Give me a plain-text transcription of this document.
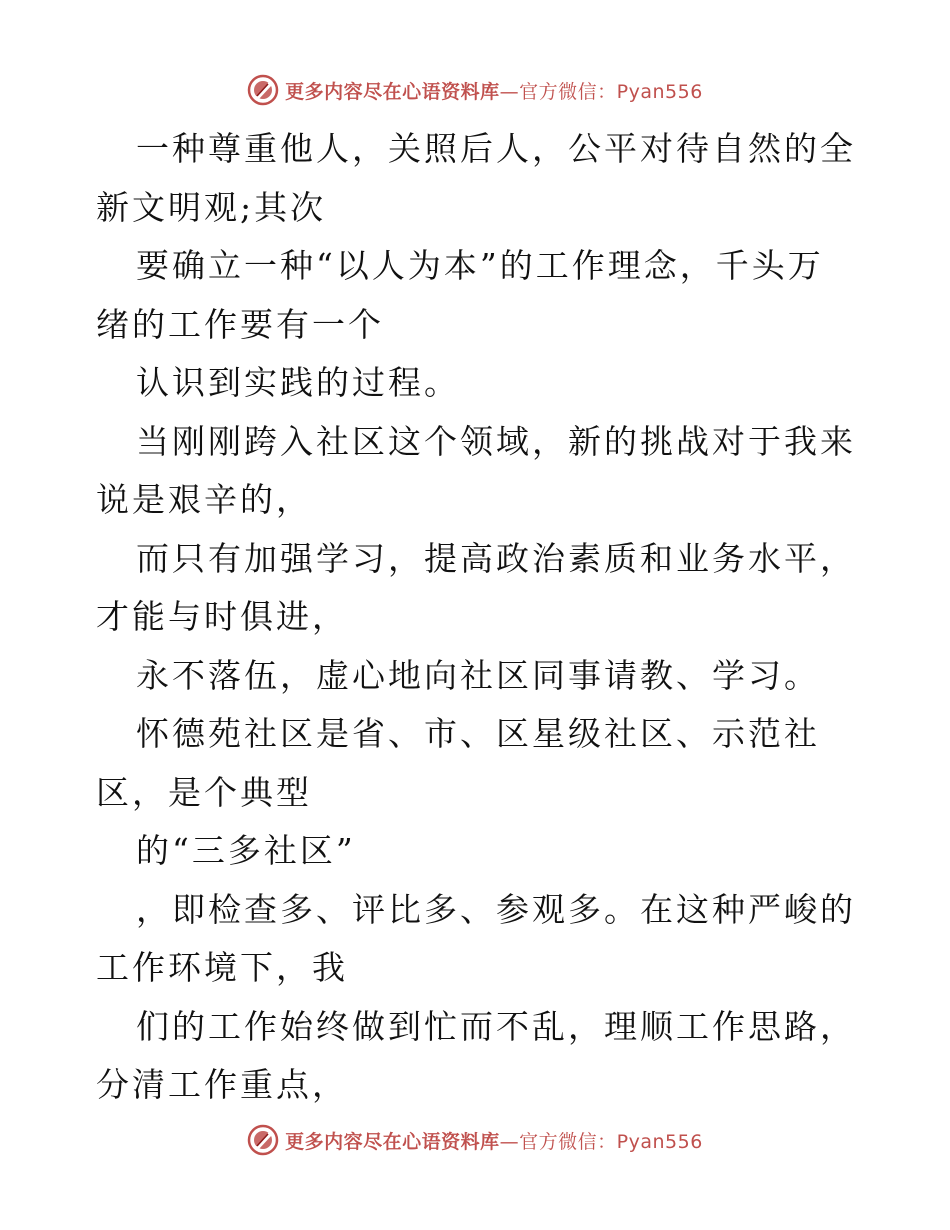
更多内容尽在心语资料库—官方微信：Pyan556

一种尊重他人，关照后人，公平对待自然的全新文明观;其次

要确立一种“以人为本”的工作理念，千头万绪的工作要有一个

认识到实践的过程。

当刚刚跨入社区这个领域，新的挑战对于我来说是艰辛的，

而只有加强学习，提高政治素质和业务水平，才能与时俱进，

永不落伍，虚心地向社区同事请教、学习。

怀德苑社区是省、市、区星级社区、示范社区，是个典型

的“三多社区”

，即检查多、评比多、参观多。在这种严峻的工作环境下，我

们的工作始终做到忙而不乱，理顺工作思路，分清工作重点，

更多内容尽在心语资料库—官方微信：Pyan556
